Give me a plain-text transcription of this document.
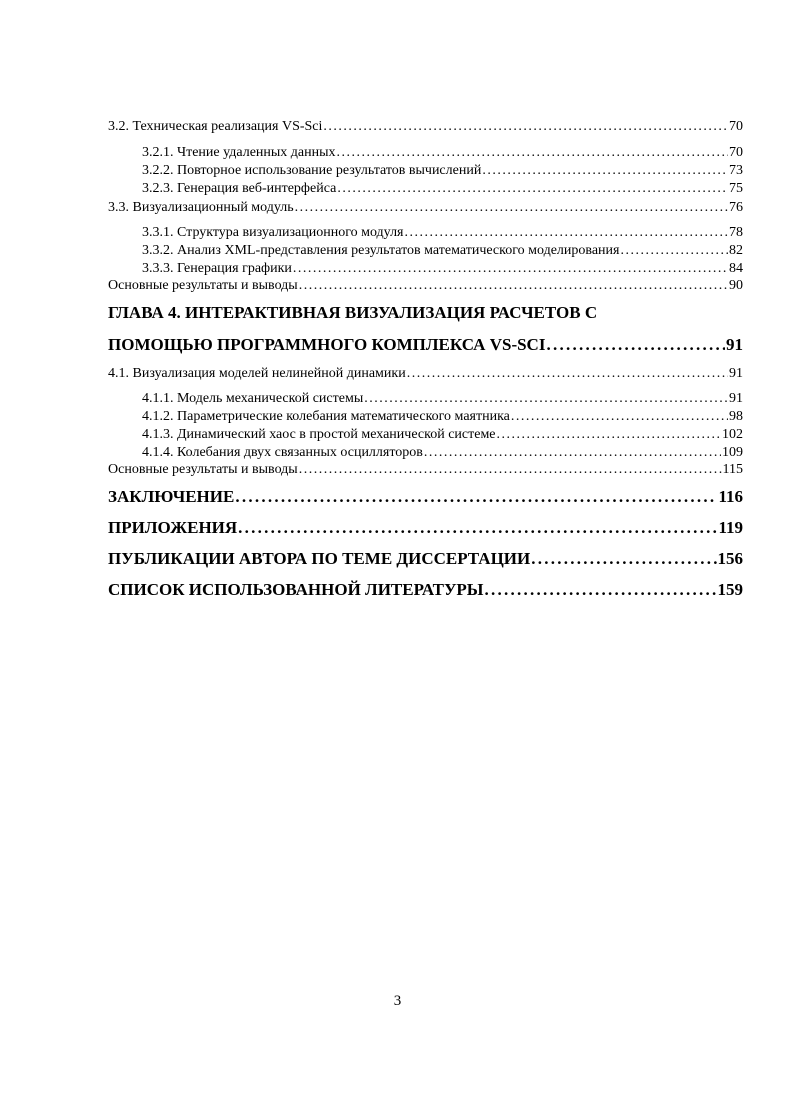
3.2. Техническая реализация VS-Sci . . .	70
3.2.1. Чтение удаленных данных . . .	70
3.2.2. Повторное использование результатов вычислений . . .	73
3.2.3. Генерация веб-интерфейса . . .	75
3.3. Визуализационный модуль . . .	76
3.3.1. Структура визуализационного модуля . . .	78
3.3.2. Анализ XML-представления результатов математического моделирования . . .	82
3.3.3. Генерация графики . . .	84
Основные результаты и выводы . . .	90
ГЛАВА 4. ИНТЕРАКТИВНАЯ ВИЗУАЛИЗАЦИЯ РАСЧЕТОВ С
ПОМОЩЬЮ ПРОГРАММНОГО КОМПЛЕКСА VS-SCI . . .	91
4.1. Визуализация моделей нелинейной динамики . . .	91
4.1.1. Модель механической системы . . .	91
4.1.2. Параметрические колебания математического маятника . . .	98
4.1.3. Динамический хаос в простой механической системе . . .	102
4.1.4. Колебания двух связанных осцилляторов . . .	109
Основные результаты и выводы . . .	115
ЗАКЛЮЧЕНИЕ . . .	116
ПРИЛОЖЕНИЯ . . .	119
ПУБЛИКАЦИИ АВТОРА ПО ТЕМЕ ДИССЕРТАЦИИ . . .	156
СПИСОК ИСПОЛЬЗОВАННОЙ ЛИТЕРАТУРЫ . . .	159
3
